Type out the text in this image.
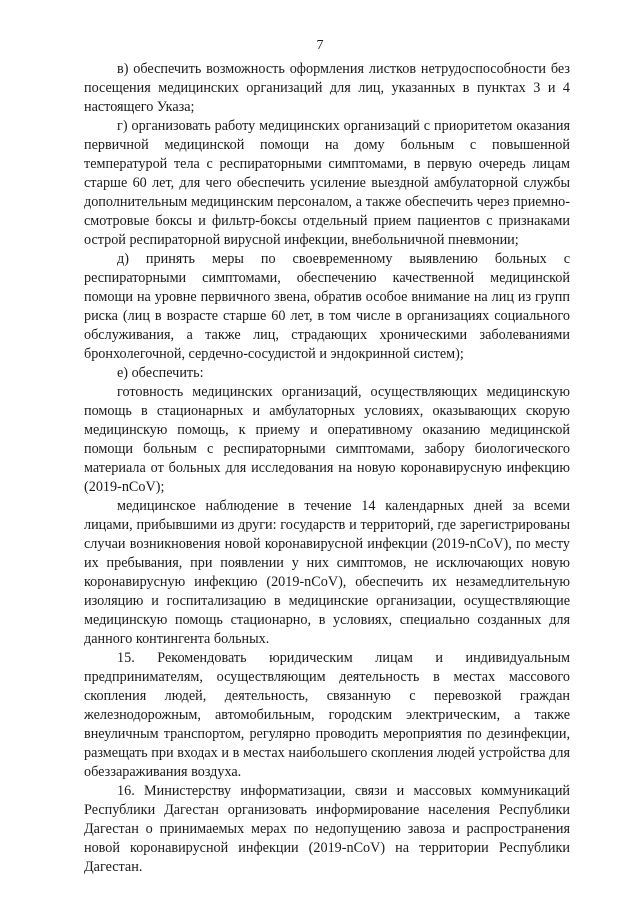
7

в) обеспечить возможность оформления листков нетрудоспособности без посещения медицинских организаций для лиц, указанных в пунктах 3 и 4 настоящего Указа;

г) организовать работу медицинских организаций с приоритетом оказания первичной медицинской помощи на дому больным с повышенной температурой тела с респираторными симптомами, в первую очередь лицам старше 60 лет, для чего обеспечить усиление выездной амбулаторной службы дополнительным медицинским персоналом, а также обеспечить через приемно-смотровые боксы и фильтр-боксы отдельный прием пациентов с признаками острой респираторной вирусной инфекции, внебольничной пневмонии;

д) принять меры по своевременному выявлению больных с респираторными симптомами, обеспечению качественной медицинской помощи на уровне первичного звена, обратив особое внимание на лиц из групп риска (лиц в возрасте старше 60 лет, в том числе в организациях социального обслуживания, а также лиц, страдающих хроническими заболеваниями бронхолегочной, сердечно-сосудистой и эндокринной систем);

е) обеспечить:

готовность медицинских организаций, осуществляющих медицинскую помощь в стационарных и амбулаторных условиях, оказывающих скорую медицинскую помощь, к приему и оперативному оказанию медицинской помощи больным с респираторными симптомами, забору биологического материала от больных для исследования на новую коронавирусную инфекцию (2019-nCoV);

медицинское наблюдение в течение 14 календарных дней за всеми лицами, прибывшими из други: государств и территорий, где зарегистрированы случаи возникновения новой коронавирусной инфекции (2019-nCoV), по месту их пребывания, при появлении у них симптомов, не исключающих новую коронавирусную инфекцию (2019-nCoV), обеспечить их незамедлительную изоляцию и госпитализацию в медицинские организации, осуществляющие медицинскую помощь стационарно, в условиях, специально созданных для данного контингента больных.

15. Рекомендовать юридическим лицам и индивидуальным предпринимателям, осуществляющим деятельность в местах массового скопления людей, деятельность, связанную с перевозкой граждан железнодорожным, автомобильным, городским электрическим, а также внеуличным транспортом, регулярно проводить мероприятия по дезинфекции, размещать при входах и в местах наибольшего скопления людей устройства для обеззараживания воздуха.

16. Министерству информатизации, связи и массовых коммуникаций Республики Дагестан организовать информирование населения Республики Дагестан о принимаемых мерах по недопущению завоза и распространения новой коронавирусной инфекции (2019-nCoV) на территории Республики Дагестан.
